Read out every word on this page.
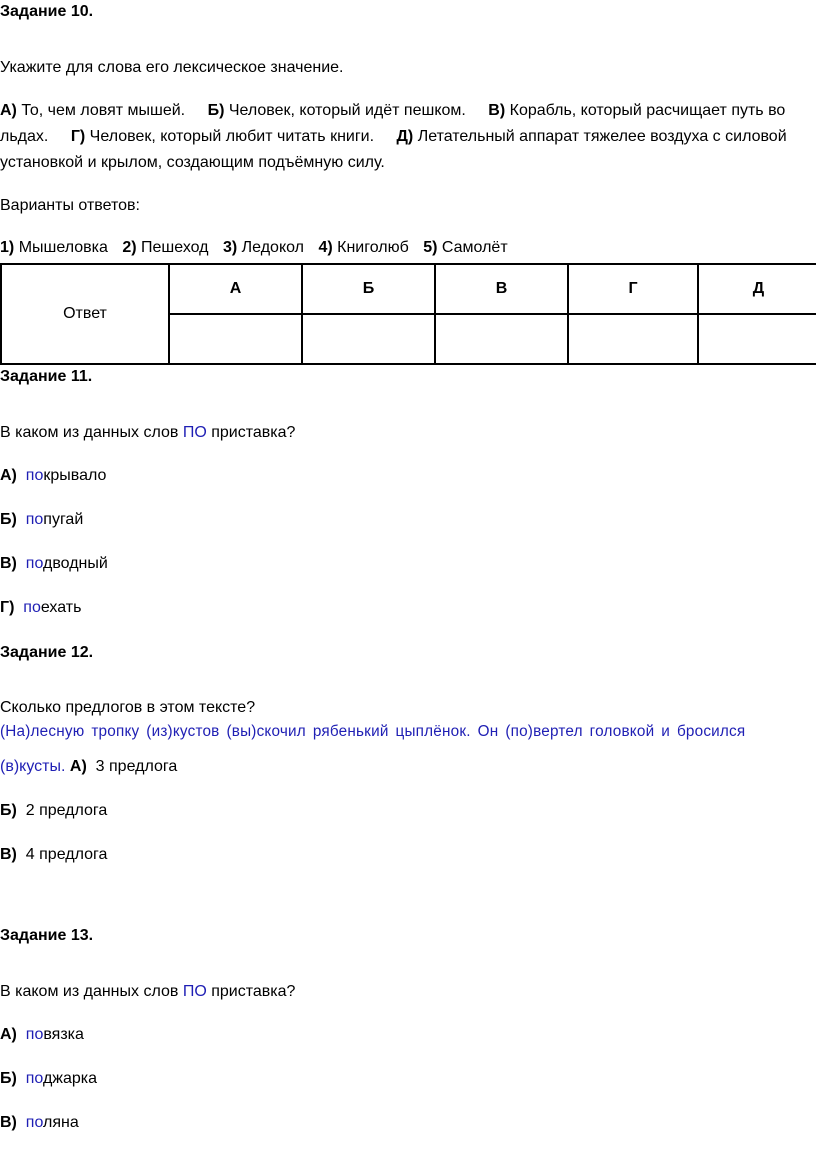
Задание 10.
Укажите для слова его лексическое значение.
А) То, чем ловят мышей. Б) Человек, который идёт пешком. В) Корабль, который расчищает путь во
льдах. Г) Человек, который любит читать книги. Д) Летательный аппарат тяжелее воздуха с силовой
установкой и крылом, создающим подъёмную силу.
Варианты ответов:
1) Мышеловка 2) Пешеход 3) Ледокол 4) Книголюб 5) Самолёт
Ответ	А	Б	В	Г	Д

Задание 11.
В каком из данных слов ПО приставка?
А) покрывало
Б) попугай
В) подводный
Г) поехать
Задание 12.
Сколько предлогов в этом тексте?
(На)лесную тропку (из)кустов (вы)скочил рябенький цыплёнок. Он (по)вертел головкой и бросился
(в)кусты. А) 3 предлога
Б) 2 предлога
В) 4 предлога
Задание 13.
В каком из данных слов ПО приставка?
А) повязка
Б) поджарка
В) поляна
